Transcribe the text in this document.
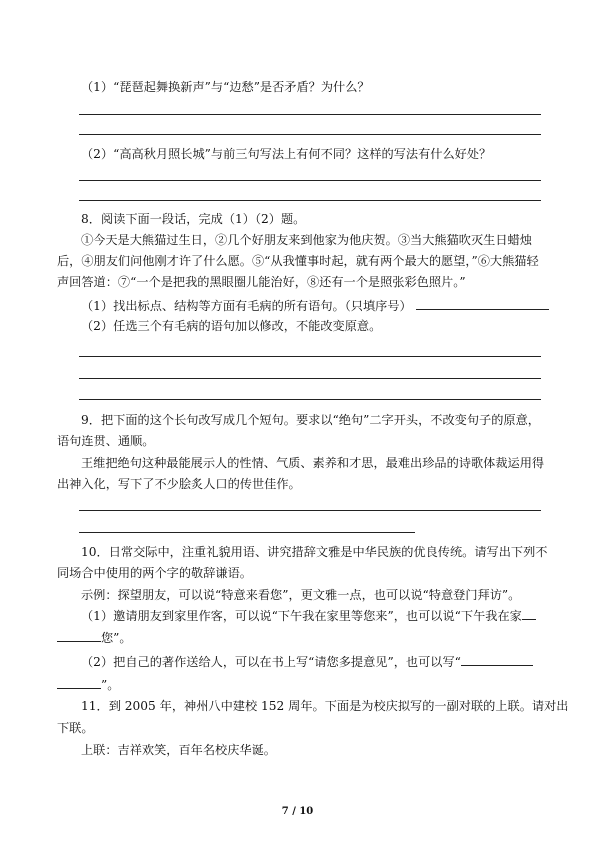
（1）“琵琶起舞换新声”与“边愁”是否矛盾？为什么？
（2）“高高秋月照长城”与前三句写法上有何不同？这样的写法有什么好处？
8．阅读下面一段话，完成（1）（2）题。
①今天是大熊猫过生日，②几个好朋友来到他家为他庆贺。③当大熊猫吹灭生日蜡烛
后，④朋友们问他刚才许了什么愿。⑤“从我懂事时起，就有两个最大的愿望，”⑥大熊猫轻
声回答道：⑦“一个是把我的黑眼圈儿能治好，⑧还有一个是照张彩色照片。”
（1）找出标点、结构等方面有毛病的所有语句。（只填序号）
（2）任选三个有毛病的语句加以修改，不能改变原意。
9．把下面的这个长句改写成几个短句。要求以“绝句”二字开头，不改变句子的原意，
语句连贯、通顺。
王维把绝句这种最能展示人的性情、气质、素养和才思，最难出珍品的诗歌体裁运用得
出神入化，写下了不少脍炙人口的传世佳作。
10．日常交际中，注重礼貌用语、讲究措辞文雅是中华民族的优良传统。请写出下列不
同场合中使用的两个字的敬辞谦语。
示例：探望朋友，可以说“特意来看您”，更文雅一点，也可以说“特意登门拜访”。
（1）邀请朋友到家里作客，可以说“下午我在家里等您来”，也可以说“下午我在家
您”。
（2）把自己的著作送给人，可以在书上写“请您多提意见”，也可以写“
”。
11．到 2005 年，神州八中建校 152 周年。下面是为校庆拟写的一副对联的上联。请对出
下联。
上联：吉祥欢笑，百年名校庆华诞。
7 / 10
